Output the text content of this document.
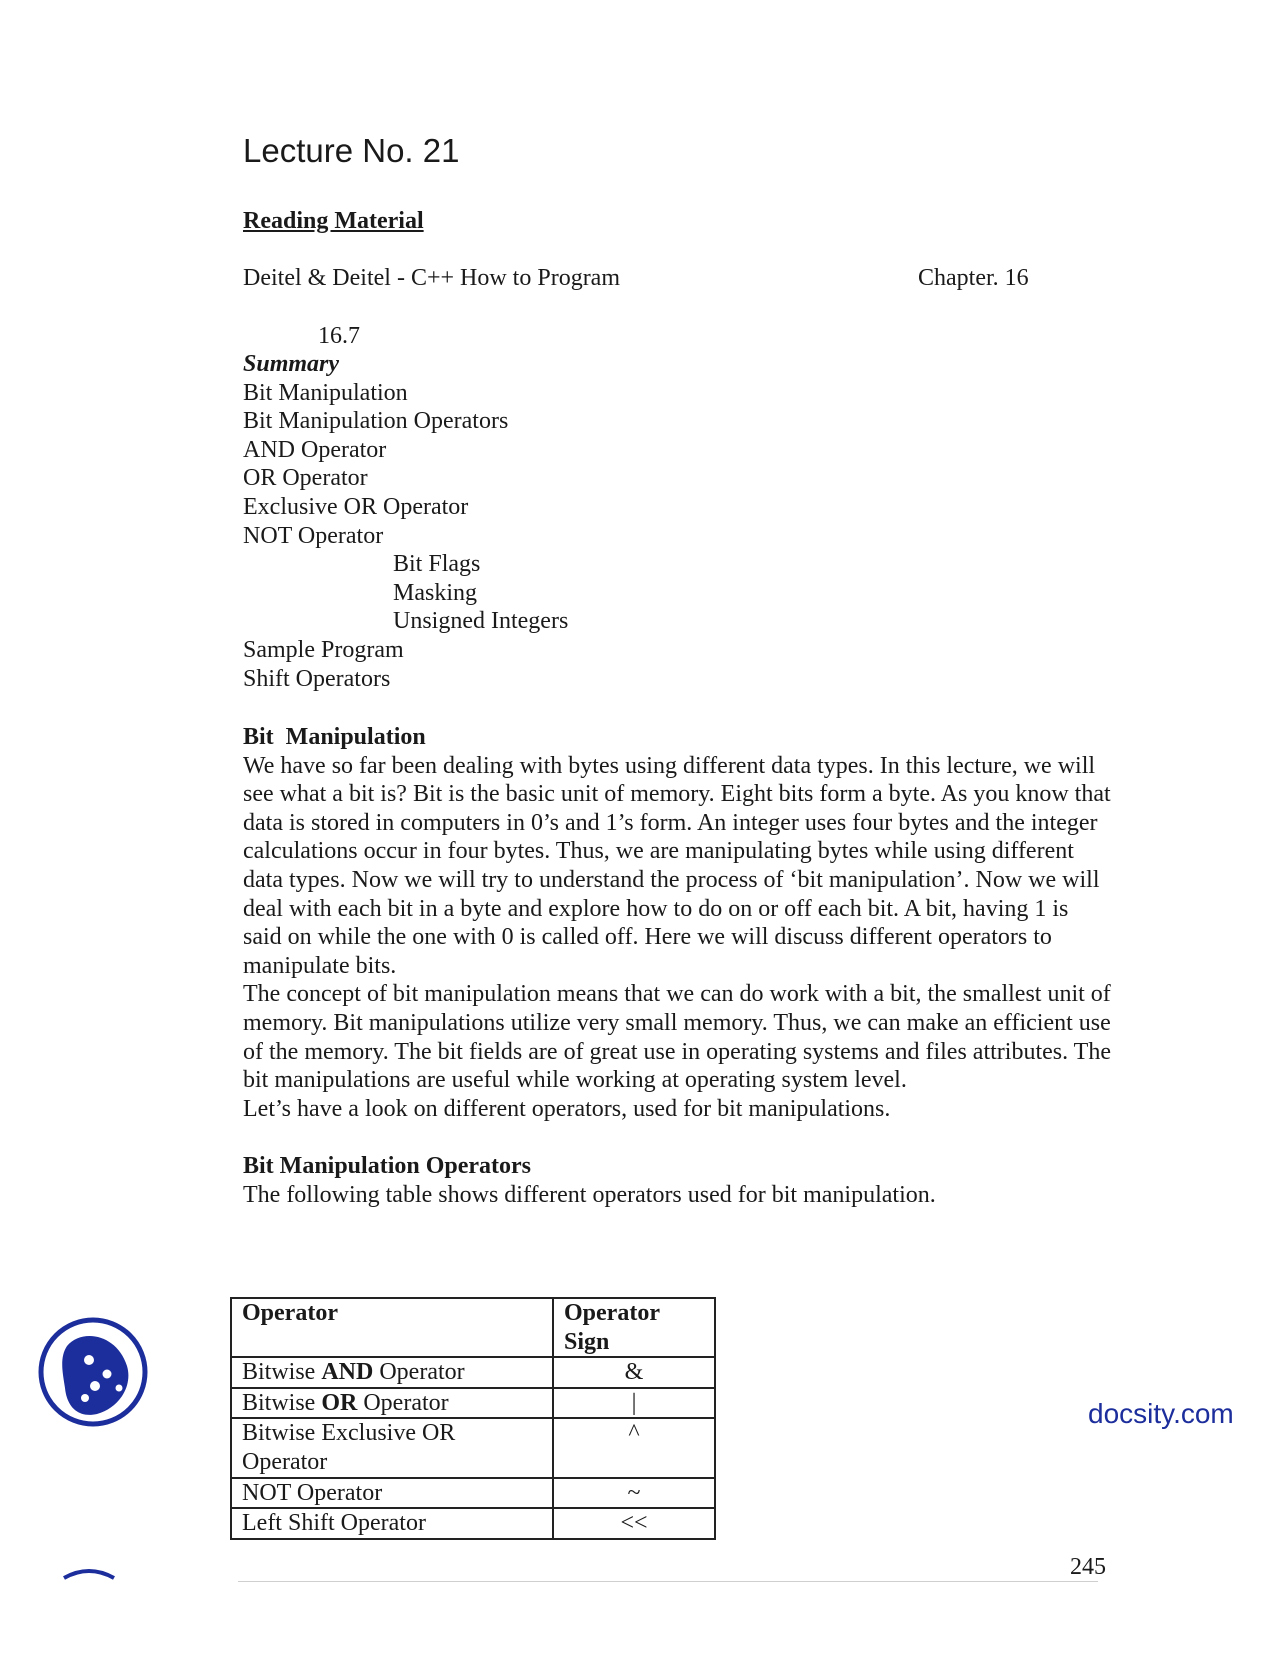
Lecture No. 21
Reading Material
Deitel & Deitel - C++ How to Program	Chapter. 16
16.7
Summary
Bit Manipulation
Bit Manipulation Operators
AND Operator
OR Operator
Exclusive OR Operator
NOT Operator
Bit Flags
Masking
Unsigned Integers
Sample Program
Shift Operators
Bit  Manipulation

We have so far been dealing with bytes using different data types. In this lecture, we will see what a bit is? Bit is the basic unit of memory. Eight bits form a byte. As you know that data is stored in computers in 0’s and 1’s form. An integer uses four bytes and the integer calculations occur in four bytes. Thus, we are manipulating bytes while using different data types. Now we will try to understand the process of ‘bit manipulation’. Now we will deal with each bit in a byte and explore how to do on or off each bit. A bit, having 1 is said on while the one with 0 is called off. Here we will discuss different operators to manipulate bits.

The concept of bit manipulation means that we can do work with a bit, the smallest unit of memory. Bit manipulations utilize very small memory. Thus, we can make an efficient use of the memory. The bit fields are of great use in operating systems and files attributes. The bit manipulations are useful while working at operating system level.

Let’s have a look on different operators, used for bit manipulations.

Bit Manipulation Operators

The following table shows different operators used for bit manipulation.

Operator	Operator Sign
Bitwise AND Operator	&
Bitwise OR Operator	|
Bitwise Exclusive OR Operator	^
NOT Operator	~
Left Shift Operator	<<
docsity.com
245
